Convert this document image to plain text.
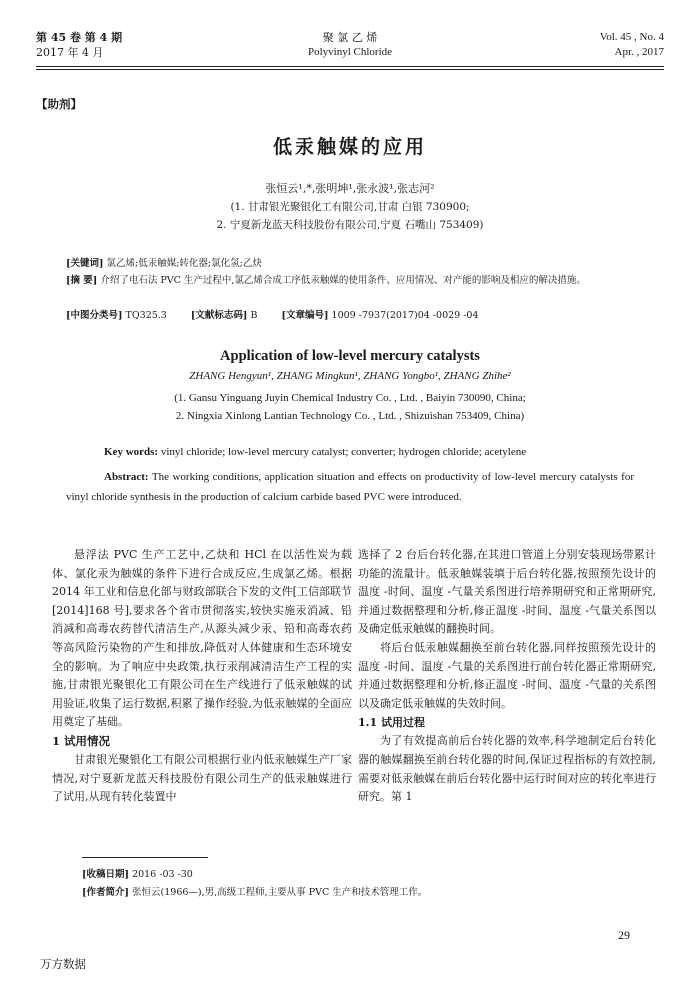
第 45 卷 第 4 期
2017 年 4 月
聚 氯 乙 烯
Polyvinyl Chloride
Vol. 45 , No. 4
Apr. , 2017
【助剂】
低汞触媒的应用
张恒云¹,*,张明坤¹,张永波¹,张志河²
(1. 甘肃银光聚银化工有限公司,甘肃 白银 730900;
2. 宁夏新龙蓝天科技股份有限公司,宁夏 石嘴山 753409)
[关键词] 氯乙烯;低汞触媒;转化器;氯化氢;乙炔
[摘 要] 介绍了电石法 PVC 生产过程中,氯乙烯合成工序低汞触媒的使用条件、应用情况、对产能的影响及相应的解决措施。
[中图分类号] TQ325.3	[文献标志码] B	[文章编号] 1009 -7937(2017)04 -0029 -04
Application of low-level mercury catalysts
ZHANG Hengyun¹, ZHANG Mingkun¹, ZHANG Yongbo¹, ZHANG Zhihe²
(1. Gansu Yinguang Juyin Chemical Industry Co. , Ltd. , Baiyin 730090, China;
2. Ningxia Xinlong Lantian Technology Co. , Ltd. , Shizuishan 753409, China)
Key words: vinyl chloride; low-level mercury catalyst; converter; hydrogen chloride; acetylene
Abstract: The working conditions, application situation and effects on productivity of low-level mercury catalysts for vinyl chloride synthesis in the production of calcium carbide based PVC were introduced.

悬浮法 PVC 生产工艺中,乙炔和 HCl 在以活性炭为载体、氯化汞为触媒的条件下进行合成反应,生成氯乙烯。根据 2014 年工业和信息化部与财政部联合下发的文件[工信部联节[2014]168 号],要求各个省市贯彻落实,较快实施汞消减、铅消减和高毒农药替代清洁生产,从源头减少汞、铅和高毒农药等高风险污染物的产生和排放,降低对人体健康和生态环境安全的影响。为了响应中央政策,执行汞削减清洁生产工程的实施,甘肃银光聚银化工有限公司在生产线进行了低汞触媒的试用验证,收集了运行数据,积累了操作经验,为低汞触媒的全面应用奠定了基础。

1 试用情况

甘肃银光聚银化工有限公司根据行业内低汞触媒生产厂家情况,对宁夏新龙蓝天科技股份有限公司生产的低汞触媒进行了试用,从现有转化装置中

选择了 2 台后台转化器,在其进口管道上分别安装现场带累计功能的流量计。低汞触媒装填于后台转化器,按照预先设计的温度 -时间、温度 -气量关系图进行培养期研究和正常期研究,并通过数据整理和分析,修正温度 -时间、温度 -气量关系图以及确定低汞触媒的翻换时间。

将后台低汞触媒翻换至前台转化器,同样按照预先设计的温度 -时间、温度 -气量的关系图进行前台转化器正常期研究,并通过数据整理和分析,修正温度 -时间、温度 -气量的关系图以及确定低汞触媒的失效时间。

1.1 试用过程

为了有效提高前后台转化器的效率,科学地制定后台转化器的触媒翻换至前台转化器的时间,保证过程指标的有效控制,需要对低汞触媒在前后台转化器中运行时间对应的转化率进行研究。第 1

[收稿日期] 2016 -03 -30
[作者简介] 张恒云(1966—),男,高级工程师,主要从事 PVC 生产和技术管理工作。
29
万方数据
